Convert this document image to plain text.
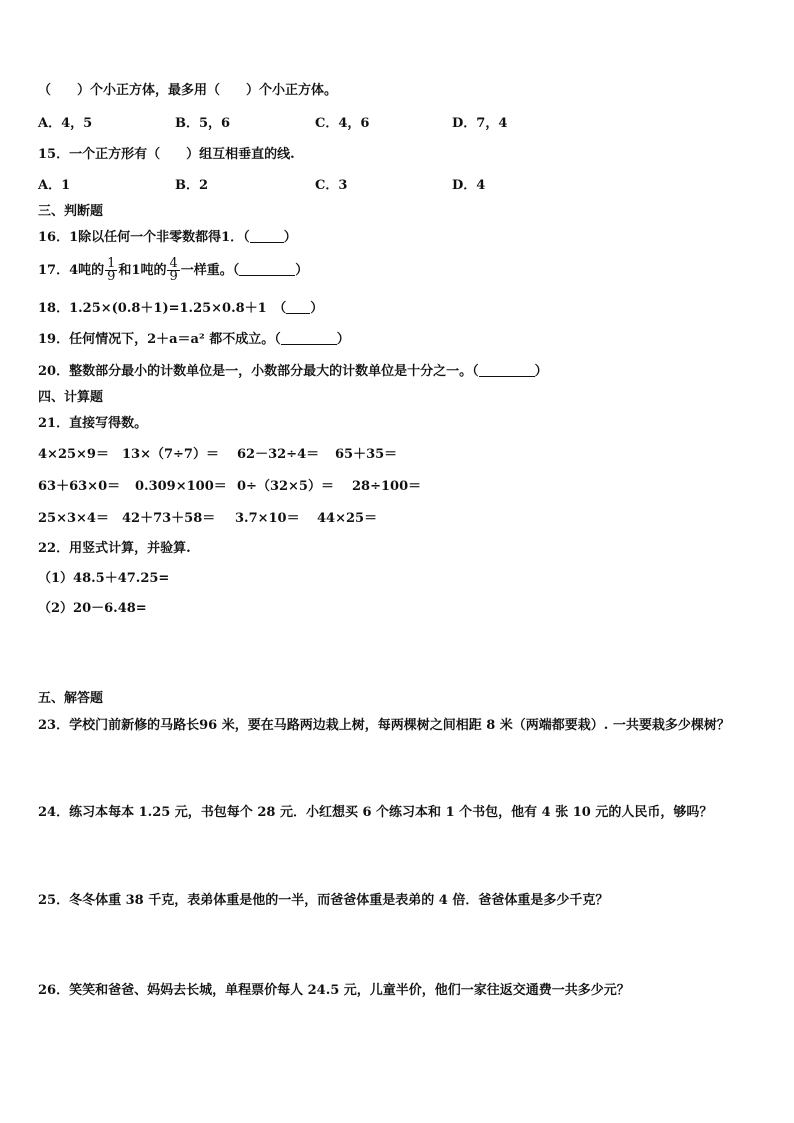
（　　）个小正方体，最多用（　　）个小正方体。
A．4，5	B．5，6	C．4，6	D．7，4
15．一个正方形有（　　）组互相垂直的线.
A．1	B．2	C．3	D．4
三、判断题
16．1除以任何一个非零数都得1．（	）
17．4吨的 $\frac{1}{9}$ 和1吨的 $\frac{4}{9}$ 一样重。（	）
18．1.25×(0.8＋1)=1.25×0.8＋1　（ ）
19．任何情况下，2＋a＝a² 都不成立。（	）
20．整数部分最小的计数单位是一，小数部分最大的计数单位是十分之一。（	）
四、计算题
21．直接写得数。
4×25×9＝ 13×（7÷7）＝ 62－32÷4＝ 65＋35＝
63＋63×0＝ 0.309×100＝ 0÷（32×5）＝ 28÷100＝
25×3×4＝ 42＋73＋58＝ 3.7×10＝ 44×25＝
22．用竖式计算，并验算.
（1）48.5＋47.25=
（2）20－6.48=
五、解答题
23．学校门前新修的马路长96 米，要在马路两边栽上树，每两棵树之间相距 8 米（两端都要栽）. 一共要栽多少棵树？
24．练习本每本 1.25 元，书包每个 28 元．小红想买 6 个练习本和 1 个书包，他有 4 张 10 元的人民币，够吗？
25．冬冬体重 38 千克，表弟体重是他的一半，而爸爸体重是表弟的 4 倍．爸爸体重是多少千克？
26．笑笑和爸爸、妈妈去长城，单程票价每人 24.5 元，儿童半价，他们一家往返交通费一共多少元？
